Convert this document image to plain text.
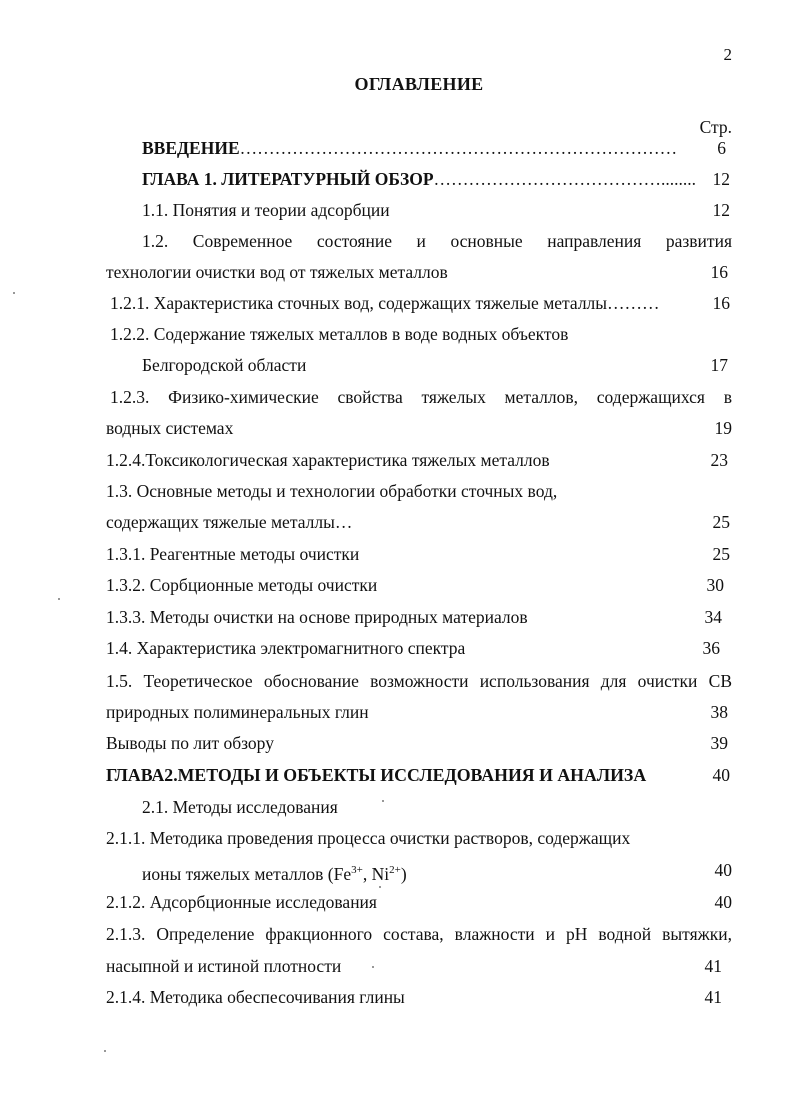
2
ОГЛАВЛЕНИЕ
Стр.
ВВЕДЕНИЕ…………………………………………………………………	6
ГЛАВА 1. ЛИТЕРАТУРНЫЙ ОБЗОР…………………………………........ 12
1.1. Понятия и теории адсорбции	12
1.2. Современное состояние и основные направления развития
технологии очистки вод от тяжелых металлов	16
1.2.1. Характеристика сточных вод, содержащих тяжелые металлы………	16
1.2.2. Содержание тяжелых металлов в воде водных объектов
Белгородской области	17
1.2.3. Физико-химические свойства тяжелых металлов, содержащихся в
водных системах	19
1.2.4.Токсикологическая характеристика тяжелых металлов	23
1.3. Основные методы и технологии обработки сточных вод,
содержащих тяжелые металлы…	25
1.3.1. Реагентные методы очистки	25
1.3.2. Сорбционные методы очистки	30
1.3.3. Методы очистки на основе природных материалов	34
1.4. Характеристика электромагнитного спектра	36
1.5. Теоретическое обоснование возможности использования для очистки СВ
природных полиминеральных глин	38
Выводы по лит обзору	39
ГЛАВА2.МЕТОДЫ И ОБЪЕКТЫ ИССЛЕДОВАНИЯ И АНАЛИЗА	40
2.1. Методы исследования
2.1.1. Методика проведения процесса очистки растворов, содержащих
ионы тяжелых металлов ($Fe^{3+}$, $Ni^{2+}$)	40
2.1.2. Адсорбционные исследования	40
2.1.3. Определение фракционного состава, влажности и рН водной вытяжки,
насыпной и истиной плотности	41
2.1.4. Методика обеспесочивания глины	41
